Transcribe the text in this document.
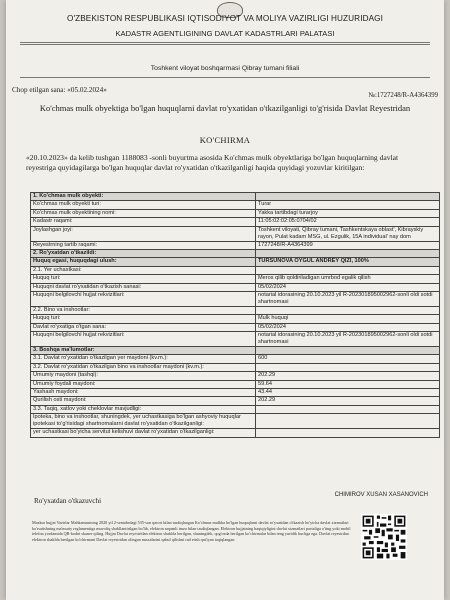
O'ZBEKISTON RESPUBLIKASI IQTISODIYOT VA MOLIYA VAZIRLIGI HUZURIDAGI
KADASTR AGENTLIGINING DAVLAT KADASTRLARI PALATASI
Toshkent viloyat boshqarmasi Qibray tumani filiali
Chop etilgan sana: «05.02.2024»
№:1727248/R-A4364399
Ko'chmas mulk obyektiga bo'lgan huquqlarni davlat ro'yxatidan o'tkazilganligi to'g'risida Davlat Reyestridan
KO'CHIRMA
«20.10.2023» da kelib tushgan 1188083 -sonli buyurtma asosida Ko'chmas mulk obyektlariga bo'lgan huquqlarning davlat reyestriga quyidagilarga bo'lgan huquqlar davlat ro'yxatidan o'tkazilganligi haqida quyidagi yozuvlar kiritilgan:
1. Ko'chmas mulk obyekti:	
Ko'chmas mulk obyekti turi:	Turar
Ko'chmas mulk obyektining nomi:	Yakka tartibdagi turarjoy
Kadastr raqami:	11:05:02:02:05:0704/02
Joylashgan joyi:	Toshkent viloyati, Qibray tumani, Tashkentskaya oblast', Kibrayskiy rayon, Pulat kadam MSG, ul. Ezgulik, 15A individual' nay dom
Reyestrning tartib raqami:	1727248/R-A4364399
2. Ro'yxatdan o'tkazildi:	
Huquq egasi, huquqdagi ulush:	TURSUNOVA OYGUL ANDREY QIZI, 100%
2.1. Yer uchastkasi:	
Huquq turi:	Meros qilib qoldiriladigan umrbod egalik qilish
Huquqni davlat ro'yxatidan o'tkazish sanasi:	05/02/2024
Huquqni belgilovchi hujjat rekvizitlari:	notarial idorasining 20.10.2023 yil R-202301895002962-sonli oldi sotdi shartnomasi
2.2. Bino va inshootlar:	
Huquq turi:	Mulk huquqi
Davlat ro'yxatiga o'tgan sana:	05/02/2024
Huquqni belgilovchi hujjat rekvizitlari:	notarial idorasining 20.10.2023 yil R-202301895002962-sonli oldi sotdi shartnomasi
3. Boshqa ma'lumotlar:	
3.1. Davlat ro'yxatidan o'tkazilgan yer maydoni (kv.m.):	600
3.2. Davlat ro'yxatidan o'tkazilgan bino va inshootlar maydoni (kv.m.):	
Umumiy maydoni (tashqi):	202.29
Umumiy foydali maydoni:	59.64
Yashash maydoni:	43.44
Qurilish osti maydoni:	202.29
3.3. Taqiq, xatlov yoki cheklovlar mavjudligi:	
Ipoteka, bino va inshootlar, shuningdek, yer uchastkasiga bo'lgan ashyoviy huquqlar ipotekasi to'g'risidagi shartnomalarni davlat ro'yxatidan o'tkazilganligi:	
yer uchastkasi bo'yicha servitut kelishuvi davlat ro'yxatidan o'tkazilganligi:	
Ro'yxatdan o'tkazuvchi
CHIMIROV XUSAN XASANOVICH
Mazkur hujjat Vazirlar Mahkamasining 2020 yil 2-sentabrdagi 535-son qarori bilan tasdiqlangan Ko'chmas mulkka bo'lgan huquqlarni davlat ro'yxatidan o'tkazish bo'yicha davlat xizmatlari ko'rsatishning ma'muriy reglamentiga muvofiq shakllantirilgan bo'lib, elektron raqamli imzo bilan tasdiqlangan. Elektron hujjatning haqiqiyligini davlat xizmatlari portaliga o'ting yoki mobil telefon yordamida QR-kodni skaner qiling. Hujjat Davlat reyestridan elektron shaklda berilgan, shuningdek, qog'ozda berilgan ko'chirmalar bilan teng yuridik kuchga ega. Davlat reyestrdan elektron shaklda berilgan ko'chirmani Davlat reyestridan olingan nusxalarini qabul qilishni rad etish qat'iyan taqiqlangan.
